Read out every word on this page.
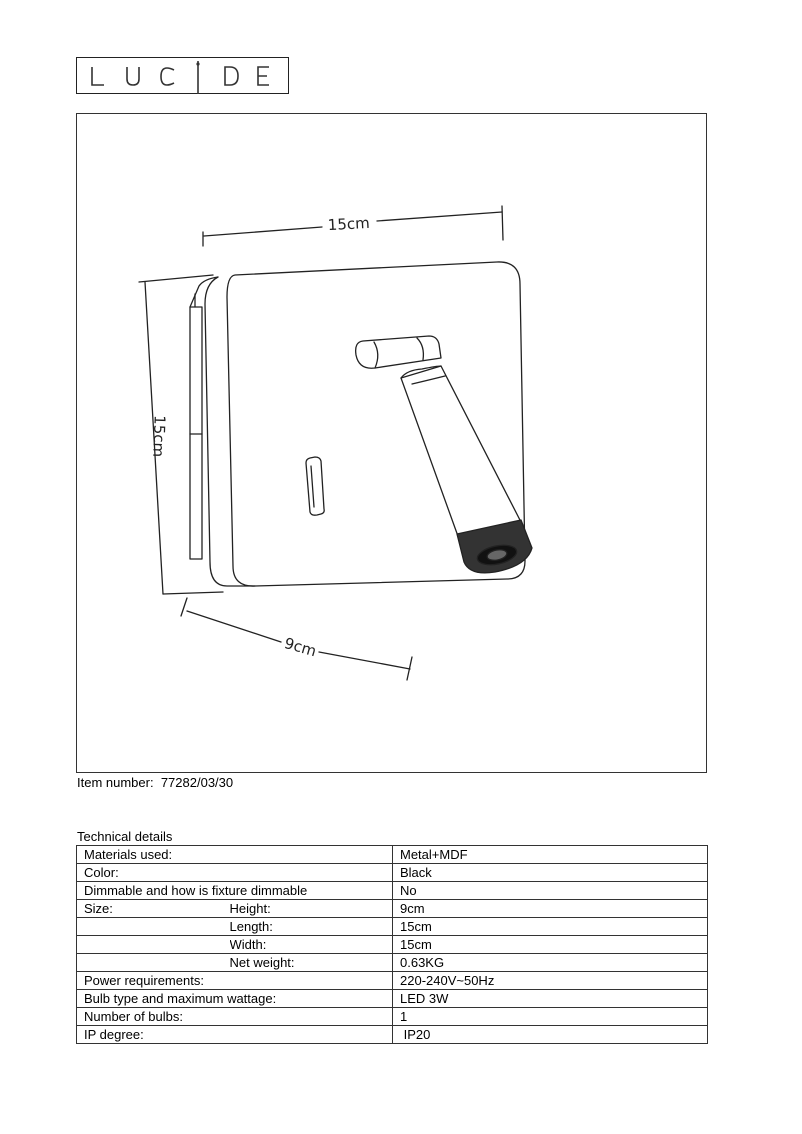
15cm
15cm
9cm
Item number: 77282/03/30
Technical details
Materials used:		Metal+MDF
Color:		Black
Dimmable and how is fixture dimmable		No
Size:	Height:	9cm
	Length:	15cm
	Width:	15cm
	Net weight:	0.63KG
Power requirements:		220-240V~50Hz
Bulb type and maximum wattage:		LED 3W
Number of bulbs:		1
IP degree:		IP20
